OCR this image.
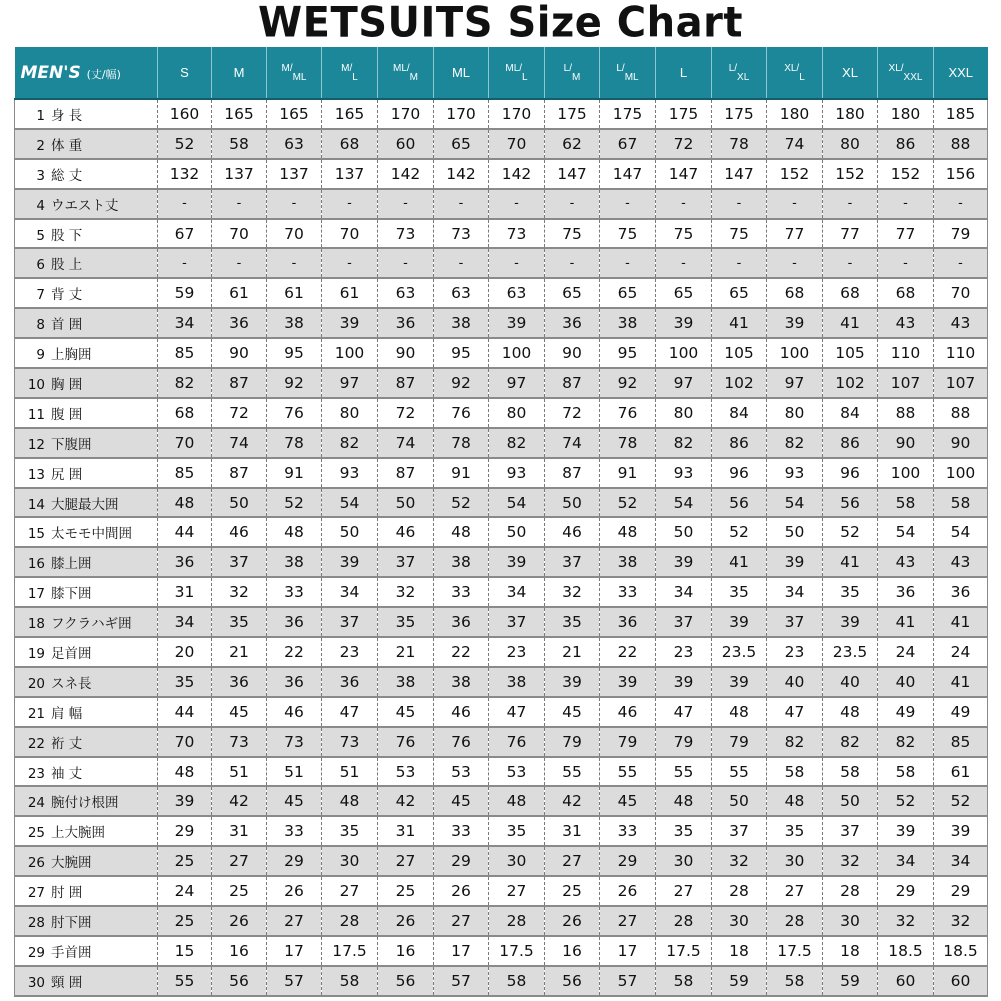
WETSUITS Size Chart
MEN'S (丈/幅)	S	M	$^{M/}_{ML}$	$^{M/}_L$	$^{ML/}_M$	ML	$^{ML/}_L$	$^{L/}_M$	$^{L/}_{ML}$	L	$^{L/}_{XL}$	$^{XL/}_L$	XL	$^{XL/}_{XXL}$	XXL
1 身 長	160	165	165	165	170	170	170	175	175	175	175	180	180	180	185
2 体 重	52	58	63	68	60	65	70	62	67	72	78	74	80	86	88
3 総 丈	132	137	137	137	142	142	142	147	147	147	147	152	152	152	156
4 ウエスト丈	-	-	-	-	-	-	-	-	-	-	-	-	-	-	-
5 股 下	67	70	70	70	73	73	73	75	75	75	75	77	77	77	79
6 股 上	-	-	-	-	-	-	-	-	-	-	-	-	-	-	-
7 背 丈	59	61	61	61	63	63	63	65	65	65	65	68	68	68	70
8 首 囲	34	36	38	39	36	38	39	36	38	39	41	39	41	43	43
9 上胸囲	85	90	95	100	90	95	100	90	95	100	105	100	105	110	110
10 胸 囲	82	87	92	97	87	92	97	87	92	97	102	97	102	107	107
11 腹 囲	68	72	76	80	72	76	80	72	76	80	84	80	84	88	88
12 下腹囲	70	74	78	82	74	78	82	74	78	82	86	82	86	90	90
13 尻 囲	85	87	91	93	87	91	93	87	91	93	96	93	96	100	100
14 大腿最大囲	48	50	52	54	50	52	54	50	52	54	56	54	56	58	58
15 太モモ中間囲	44	46	48	50	46	48	50	46	48	50	52	50	52	54	54
16 膝上囲	36	37	38	39	37	38	39	37	38	39	41	39	41	43	43
17 膝下囲	31	32	33	34	32	33	34	32	33	34	35	34	35	36	36
18 フクラハギ囲	34	35	36	37	35	36	37	35	36	37	39	37	39	41	41
19 足首囲	20	21	22	23	21	22	23	21	22	23	23.5	23	23.5	24	24
20 スネ長	35	36	36	36	38	38	38	39	39	39	39	40	40	40	41
21 肩 幅	44	45	46	47	45	46	47	45	46	47	48	47	48	49	49
22 裄 丈	70	73	73	73	76	76	76	79	79	79	79	82	82	82	85
23 袖 丈	48	51	51	51	53	53	53	55	55	55	55	58	58	58	61
24 腕付け根囲	39	42	45	48	42	45	48	42	45	48	50	48	50	52	52
25 上大腕囲	29	31	33	35	31	33	35	31	33	35	37	35	37	39	39
26 大腕囲	25	27	29	30	27	29	30	27	29	30	32	30	32	34	34
27 肘 囲	24	25	26	27	25	26	27	25	26	27	28	27	28	29	29
28 肘下囲	25	26	27	28	26	27	28	26	27	28	30	28	30	32	32
29 手首囲	15	16	17	17.5	16	17	17.5	16	17	17.5	18	17.5	18	18.5	18.5
30 頸 囲	55	56	57	58	56	57	58	56	57	58	59	58	59	60	60
